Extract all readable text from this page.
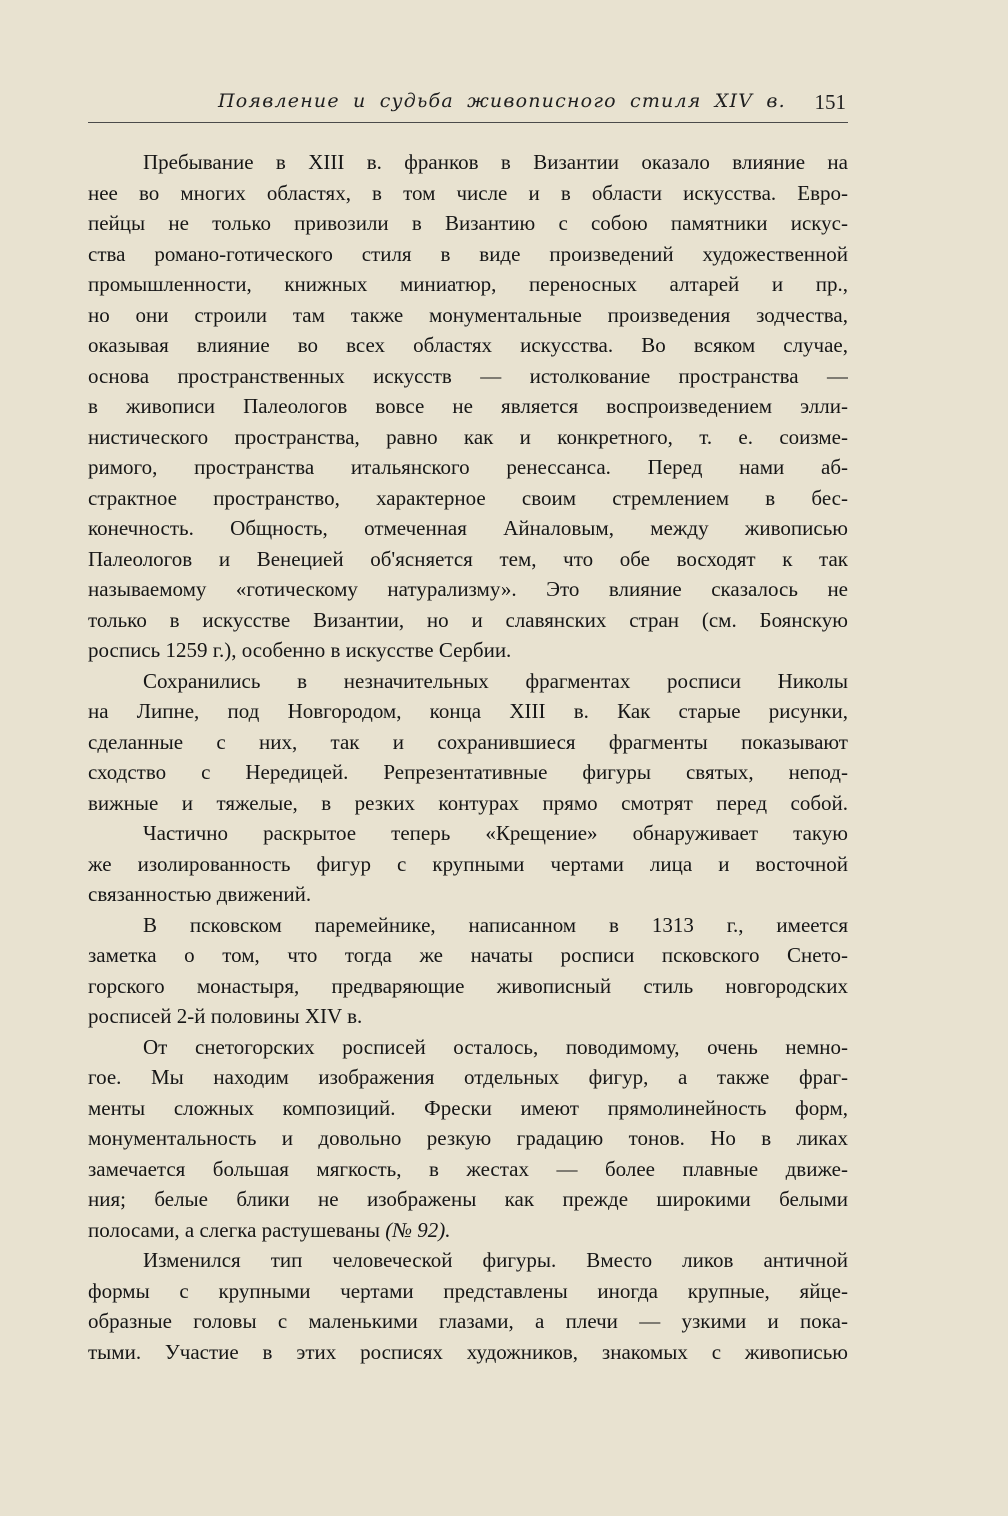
Появление и судьба живописного стиля XIV в. 151
Пребывание в XIII в. франков в Византии оказало влияние на
нее во многих областях, в том числе и в области искусства. Евро-
пейцы не только привозили в Византию с собою памятники искус-
ства романо-готического стиля в виде произведений художественной
промышленности, книжных миниатюр, переносных алтарей и пр.,
но они строили там также монументальные произведения зодчества,
оказывая влияние во всех областях искусства. Во всяком случае,
основа пространственных искусств — истолкование пространства —
в живописи Палеологов вовсе не является воспроизведением элли-
нистического пространства, равно как и конкретного, т. е. соизме-
римого, пространства итальянского ренессанса. Перед нами аб-
страктное пространство, характерное своим стремлением в бес-
конечность. Общность, отмеченная Айналовым, между живописью
Палеологов и Венецией об'ясняется тем, что обе восходят к так
называемому «готическому натурализму». Это влияние сказалось не
только в искусстве Византии, но и славянских стран (см. Боянскую
роспись 1259 г.), особенно в искусстве Сербии.
Сохранились в незначительных фрагментах росписи Николы
на Липне, под Новгородом, конца XIII в. Как старые рисунки,
сделанные с них, так и сохранившиеся фрагменты показывают
сходство с Нередицей. Репрезентативные фигуры святых, непод-
вижные и тяжелые, в резких контурах прямо смотрят перед собой.
Частично раскрытое теперь «Крещение» обнаруживает такую
же изолированность фигур с крупными чертами лица и восточной
связанностью движений.
В псковском паремейнике, написанном в 1313 г., имеется
заметка о том, что тогда же начаты росписи псковского Снето-
горского монастыря, предваряющие живописный стиль новгородских
росписей 2-й половины XIV в.
От снетогорских росписей осталось, поводимому, очень немно-
гое. Мы находим изображения отдельных фигур, а также фраг-
менты сложных композиций. Фрески имеют прямолинейность форм,
монументальность и довольно резкую градацию тонов. Но в ликах
замечается большая мягкость, в жестах — более плавные движе-
ния; белые блики не изображены как прежде широкими белыми
полосами, а слегка растушеваны (№ 92).
Изменился тип человеческой фигуры. Вместо ликов античной
формы с крупными чертами представлены иногда крупные, яйце-
образные головы с маленькими глазами, а плечи — узкими и пока-
тыми. Участие в этих росписях художников, знакомых с живописью
